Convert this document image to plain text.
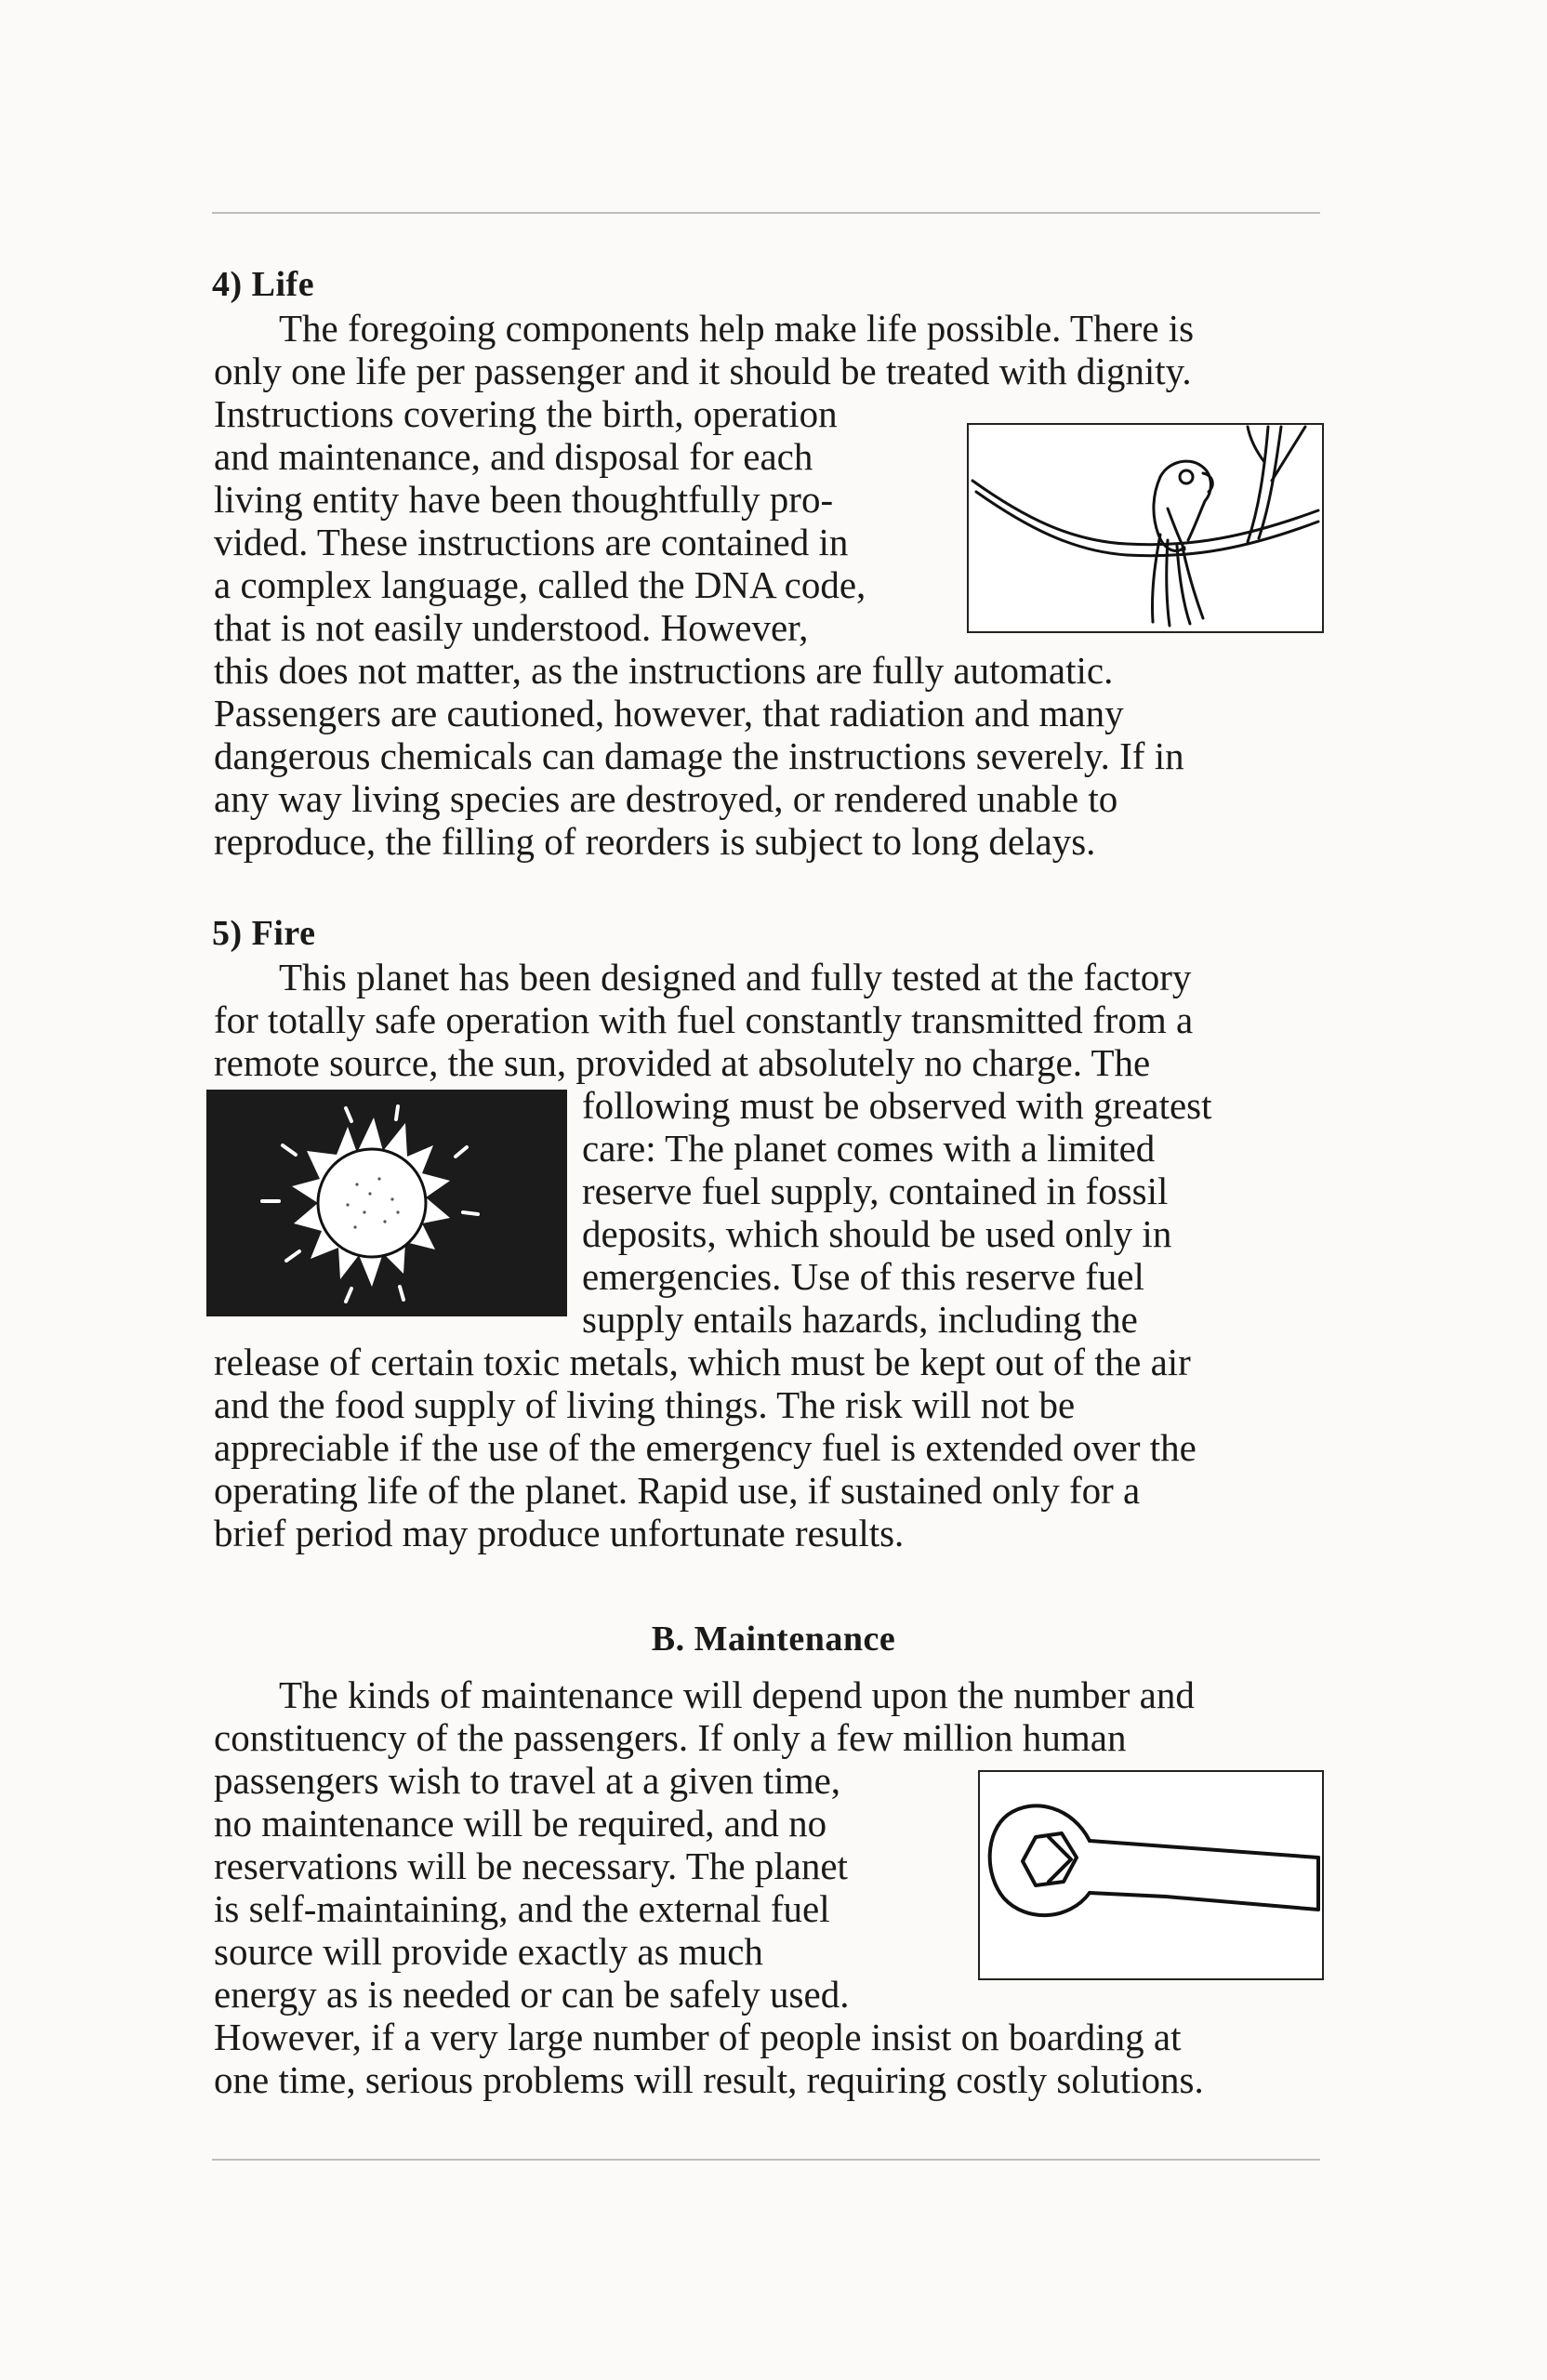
4) Life
The foregoing components help make life possible. There is
only one life per passenger and it should be treated with dignity.
Instructions covering the birth, operation
and maintenance, and disposal for each
living entity have been thoughtfully pro-
vided. These instructions are contained in
a complex language, called the DNA code,
that is not easily understood. However,
this does not matter, as the instructions are fully automatic.
Passengers are cautioned, however, that radiation and many
dangerous chemicals can damage the instructions severely. If in
any way living species are destroyed, or rendered unable to
reproduce, the filling of reorders is subject to long delays.
5) Fire
This planet has been designed and fully tested at the factory
for totally safe operation with fuel constantly transmitted from a
remote source, the sun, provided at absolutely no charge. The
following must be observed with greatest
care: The planet comes with a limited
reserve fuel supply, contained in fossil
deposits, which should be used only in
emergencies. Use of this reserve fuel
supply entails hazards, including the
release of certain toxic metals, which must be kept out of the air
and the food supply of living things. The risk will not be
appreciable if the use of the emergency fuel is extended over the
operating life of the planet. Rapid use, if sustained only for a
brief period may produce unfortunate results.
B. Maintenance
The kinds of maintenance will depend upon the number and
constituency of the passengers. If only a few million human
passengers wish to travel at a given time,
no maintenance will be required, and no
reservations will be necessary. The planet
is self-maintaining, and the external fuel
source will provide exactly as much
energy as is needed or can be safely used.
However, if a very large number of people insist on boarding at
one time, serious problems will result, requiring costly solutions.
